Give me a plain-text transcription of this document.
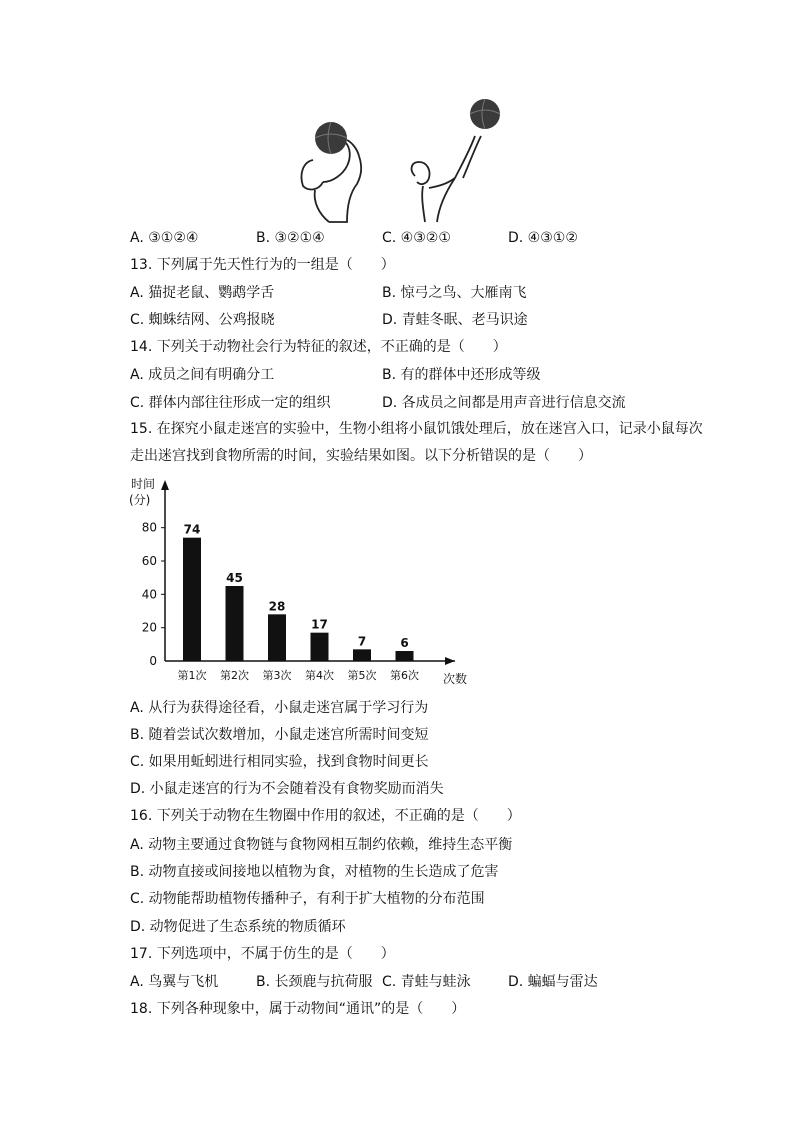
A. ③①②④	B. ③②①④	C. ④③②①	D. ④③①②
13. 下列属于先天性行为的一组是（　　）
A. 猫捉老鼠、鹦鹉学舌	B. 惊弓之鸟、大雁南飞
C. 蜘蛛结网、公鸡报晓	D. 青蛙冬眠、老马识途
14. 下列关于动物社会行为特征的叙述，不正确的是（　　）
A. 成员之间有明确分工	B. 有的群体中还形成等级
C. 群体内部往往形成一定的组织	D. 各成员之间都是用声音进行信息交流
15. 在探究小鼠走迷宫的实验中，生物小组将小鼠饥饿处理后，放在迷宫入口，记录小鼠每次
走出迷宫找到食物所需的时间，实验结果如图。以下分析错误的是（　　）
时间
(分)
0
20
40
60
80 74
第1次
45
第2次
28
第3次
17
第4次
7
第5次
6
第6次 次数
A. 从行为获得途径看，小鼠走迷宫属于学习行为
B. 随着尝试次数增加，小鼠走迷宫所需时间变短
C. 如果用蚯蚓进行相同实验，找到食物时间更长
D. 小鼠走迷宫的行为不会随着没有食物奖励而消失
16. 下列关于动物在生物圈中作用的叙述，不正确的是（　　）
A. 动物主要通过食物链与食物网相互制约依赖，维持生态平衡
B. 动物直接或间接地以植物为食，对植物的生长造成了危害
C. 动物能帮助植物传播种子，有利于扩大植物的分布范围
D. 动物促进了生态系统的物质循环
17. 下列选项中，不属于仿生的是（　　）
A. 鸟翼与飞机	B. 长颈鹿与抗荷服 C. 青蛙与蛙泳	D. 蝙蝠与雷达
18. 下列各种现象中，属于动物间“通讯”的是（　　）
